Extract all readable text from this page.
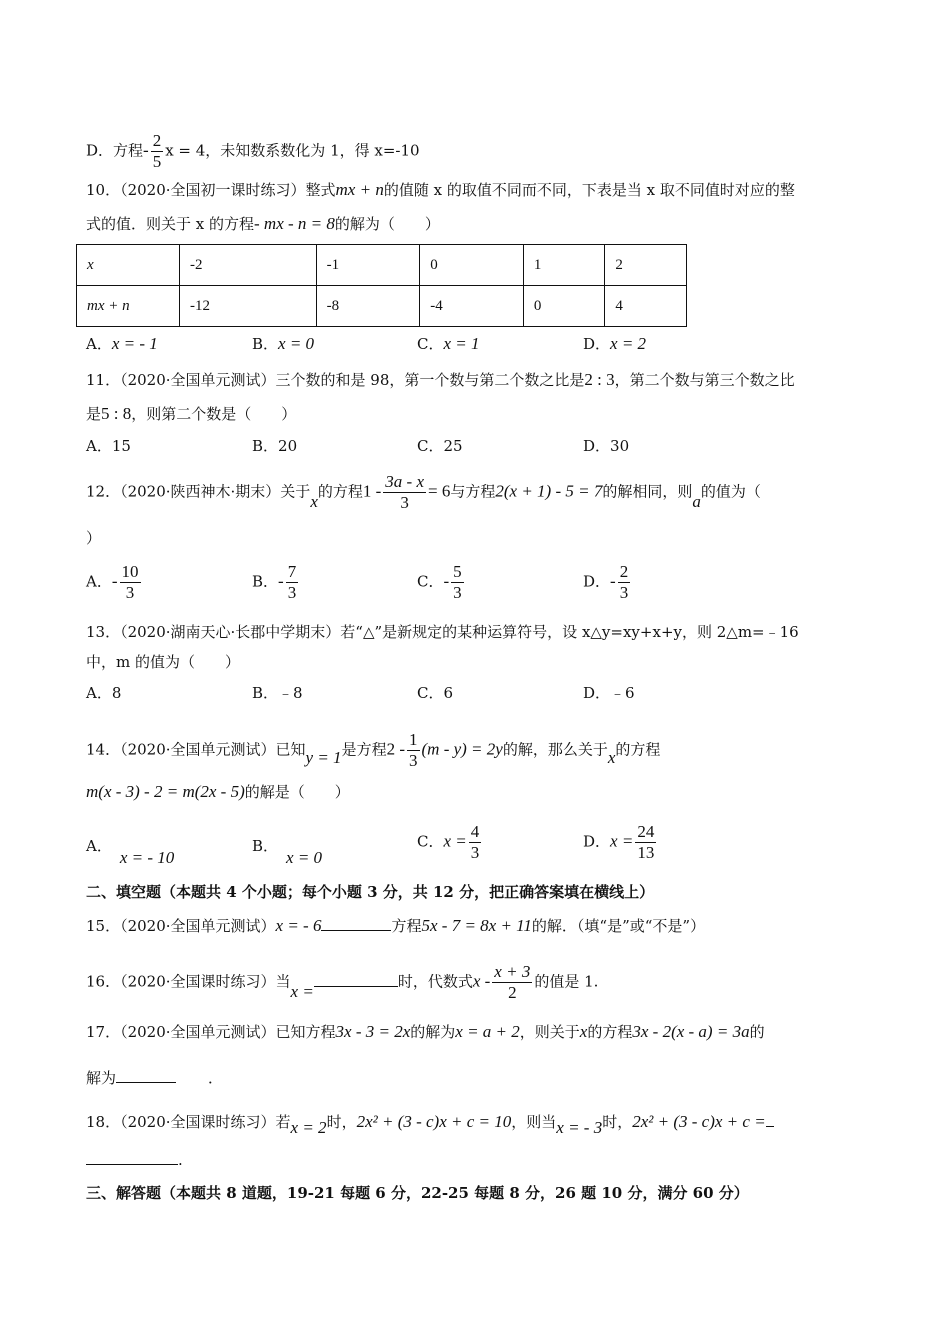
D．方程- $\frac{2}{5}$ x = 4，未知数系数化为 1，得 x=-10
10．（2020·全国初一课时练习）整式mx + n的值随 x 的取值不同而不同，下表是当 x 取不同值时对应的整
式的值．则关于 x 的方程- mx - n = 8的解为（　　）
x	-2	-1	0	1	2
mx + n	-12	-8	-4	0	4
A．x = - 1	B．x = 0	C．x = 1	D．x = 2
11．（2020·全国单元测试）三个数的和是 98，第一个数与第二个数之比是2 : 3，第二个数与第三个数之比
是5 : 8，则第二个数是（　　）
A．15	B．20	C．25	D．30
12．（2020·陕西神木·期末）关于x的方程$1 - \frac{3a - x}{3} = 6$与方程2(x + 1) - 5 = 7的解相同，则a的值为（
）
A．- $\frac{10}{3}$	B．- $\frac{7}{3}$	C．- $\frac{5}{3}$	D．- $\frac{2}{3}$
13．（2020·湖南天心·长郡中学期末）若“△”是新规定的某种运算符号，设 x△y=xy+x+y，则 2△m=﹣16
中，m 的值为（　　）
A．8	B．﹣8	C．6	D．﹣6
14．（2020·全国单元测试）已知y = 1是方程$2 - \frac{1}{3} (m - y) = 2y$的解，那么关于x的方程
m(x - 3) - 2 = m(2x - 5)的解是（　　）
A．x = - 10
B．x = 0
C．$x = \frac{4}{3}$	D．$x = \frac{24}{13}$
二、填空题（本题共 4 个小题；每个小题 3 分，共 12 分，把正确答案填在横线上）
15．（2020·全国单元测试）x = - 6	方程5x - 7 = 8x + 11的解．（填“是”或“不是”）
16．（2020·全国课时练习）当x =	时，代数式x - $\frac{x + 3}{2}$ 的值是 1.
17．（2020·全国单元测试）已知方程3x - 3 = 2x的解为x = a + 2，则关于x的方程3x - 2(x - a) = 3a的
解为	．
18．（2020·全国课时练习）若x = 2时，2x² + (3 - c)x + c = 10，则当x = - 3时，2x² + (3 - c)x + c =
.
三、解答题（本题共 8 道题，19-21 每题 6 分，22-25 每题 8 分，26 题 10 分，满分 60 分）
